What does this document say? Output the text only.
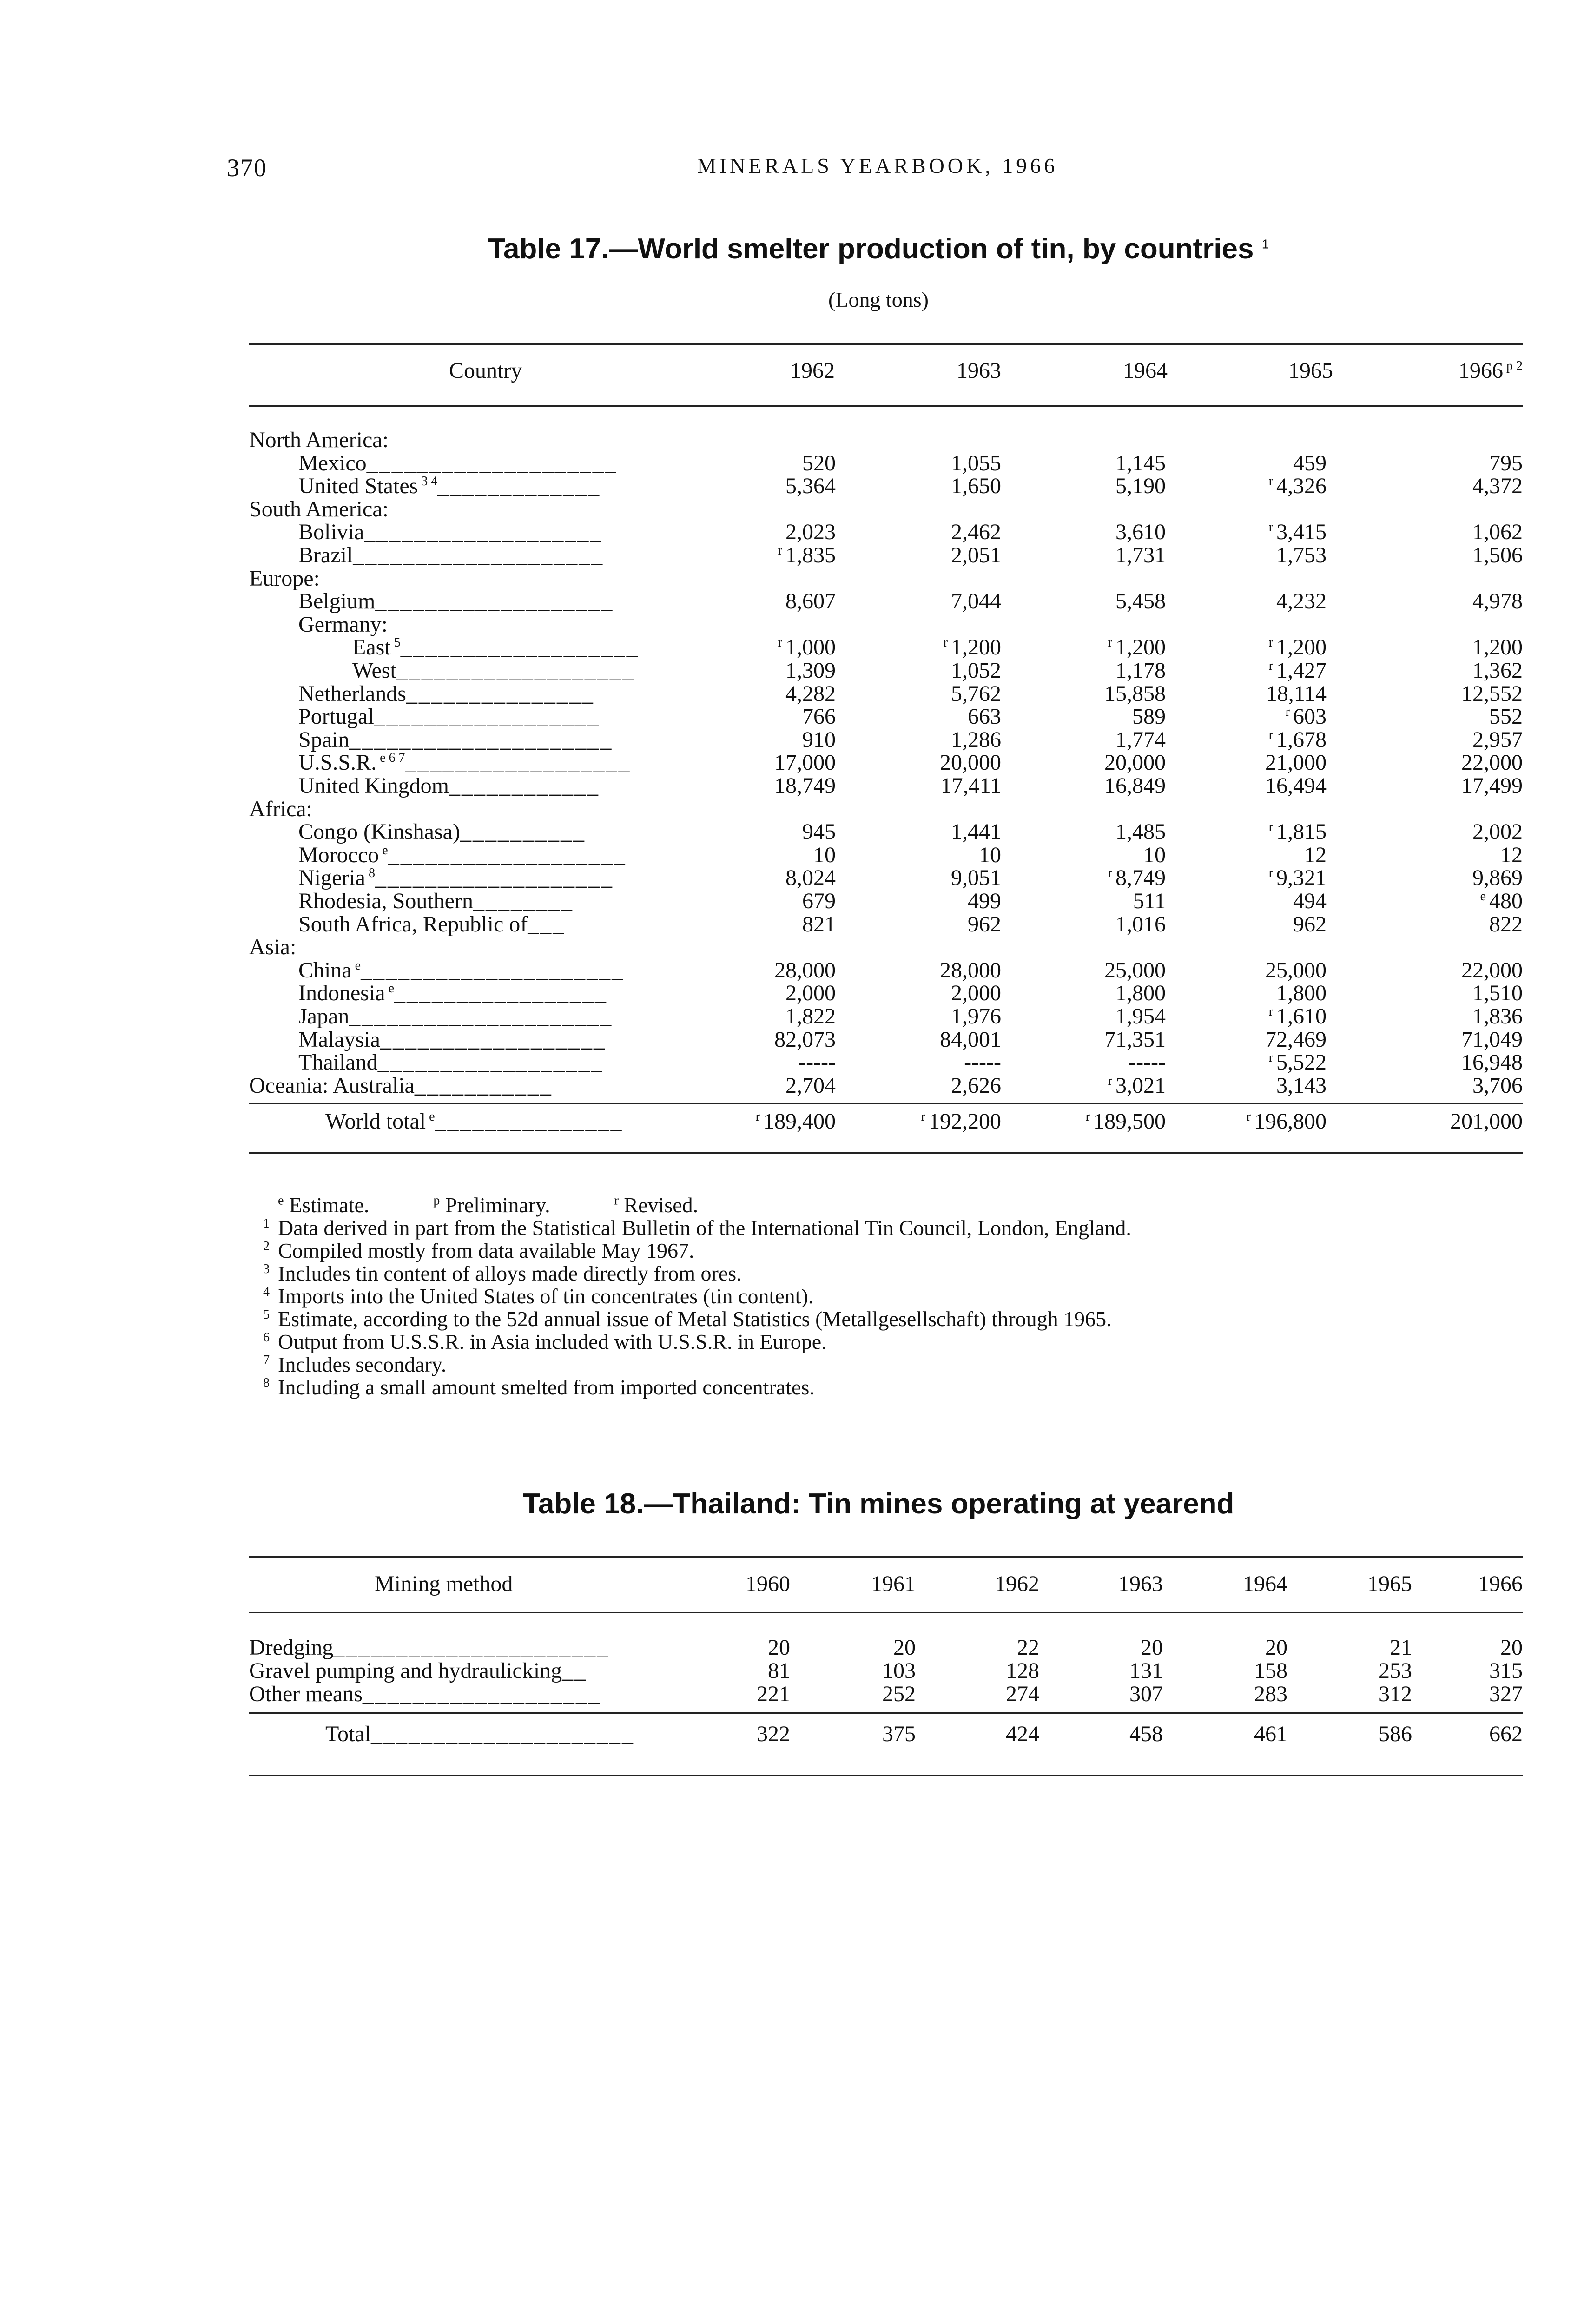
370	MINERALS YEARBOOK, 1966
Table 17.—World smelter production of tin, by countries $^1$
(Long tons)
Country	1962	1963	1964	1965	1966 $^{p 2}$
North America:
Mexico____________________	520	1,055	1,145	459	795
United States $^{3 4}$_____________	5,364	1,650	5,190	$^r$ 4,326	4,372
South America:
Bolivia___________________	2,023	2,462	3,610	$^r$ 3,415	1,062
Brazil____________________	$^r$ 1,835	2,051	1,731	1,753	1,506
Europe:
Belgium___________________	8,607	7,044	5,458	4,232	4,978
Germany:
East $^5$___________________	$^r$ 1,000	$^r$ 1,200	$^r$ 1,200	$^r$ 1,200	1,200
West___________________	1,309	1,052	1,178	$^r$ 1,427	1,362
Netherlands_______________	4,282	5,762	15,858	18,114	12,552
Portugal__________________	766	663	589	$^r$ 603	552
Spain_____________________	910	1,286	1,774	$^r$ 1,678	2,957
U.S.S.R. $^{e 6 7}$__________________	17,000	20,000	20,000	21,000	22,000
United Kingdom____________	18,749	17,411	16,849	16,494	17,499
Africa:
Congo (Kinshasa)__________	945	1,441	1,485	$^r$ 1,815	2,002
Morocco $^e$___________________	10	10	10	12	12
Nigeria $^8$___________________	8,024	9,051	$^r$ 8,749	$^r$ 9,321	9,869
Rhodesia, Southern________	679	499	511	494	$^e$ 480
South Africa, Republic of___	821	962	1,016	962	822
Asia:
China $^e$_____________________	28,000	28,000	25,000	25,000	22,000
Indonesia $^e$_________________	2,000	2,000	1,800	1,800	1,510
Japan_____________________	1,822	1,976	1,954	$^r$ 1,610	1,836
Malaysia__________________	82,073	84,001	71,351	72,469	71,049
Thailand__________________	-----	-----	-----	$^r$ 5,522	16,948
Oceania: Australia___________	2,704	2,626	$^r$ 3,021	3,143	3,706
World total $^e$_______________	$^r$ 189,400	$^r$ 192,200	$^r$ 189,500	$^r$ 196,800	201,000
$^e$ Estimate.   	$^p$ Preliminary.   	$^r$ Revised.
1 Data derived in part from the Statistical Bulletin of the International Tin Council, London, England.
2 Compiled mostly from data available May 1967.
3 Includes tin content of alloys made directly from ores.
4 Imports into the United States of tin concentrates (tin content).
5 Estimate, according to the 52d annual issue of Metal Statistics (Metallgesellschaft) through 1965.
6 Output from U.S.S.R. in Asia included with U.S.S.R. in Europe.
7 Includes secondary.
8 Including a small amount smelted from imported concentrates.
Table 18.—Thailand: Tin mines operating at yearend
Mining method	1960	1961	1962	1963	1964	1965	1966
Dredging______________________	20	20	22	20	20	21	20
Gravel pumping and hydraulicking__	81	103	128	131	158	253	315
Other means___________________	221	252	274	307	283	312	327
Total_____________________	322	375	424	458	461	586	662
